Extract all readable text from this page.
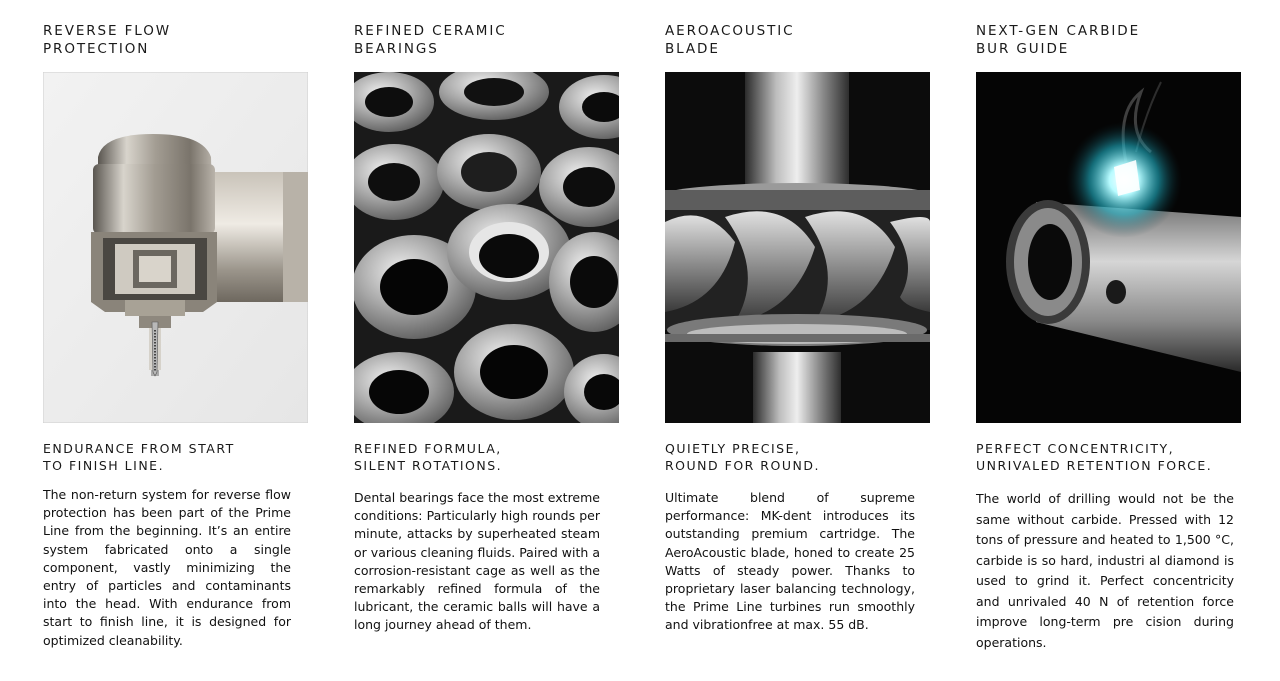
REVERSE FLOW
PROTECTION
ENDURANCE FROM START
TO FINISH LINE.

The non-return system for reverse flow protection has been part of the Prime Line from the beginning. It’s an entire system fabricated onto a single component, vastly minimizing the entry of particles and contaminants into the head. With endurance from start to finish line, it is designed for optimized cleanability.

REFINED CERAMIC
BEARINGS
REFINED FORMULA,
SILENT ROTATIONS.

Dental bearings face the most extreme conditions: Particularly high rounds per minute, attacks by superheated steam or various cleaning fluids. Paired with a corrosion-resistant cage as well as the remarkably refined formula of the lubricant, the ceramic balls will have a long journey ahead of them.

AEROACOUSTIC
BLADE
QUIETLY PRECISE,
ROUND FOR ROUND.

Ultimate blend of supreme performance: MK-dent introduces its outstanding premium cartridge. The AeroAcoustic blade, honed to create 25 Watts of steady power. Thanks to proprietary laser balancing technology, the Prime Line turbines run smoothly and vibrationfree at max. 55 dB.

NEXT-GEN CARBIDE
BUR GUIDE
PERFECT CONCENTRICITY,
UNRIVALED RETENTION FORCE.

The world of drilling would not be the same without carbide. Pressed with 12 tons of pressure and heated to 1,500 °C, carbide is so hard, industri al diamond is used to grind it. Perfect concentricity and unrivaled 40 N of retention force improve long-term pre cision during operations.
